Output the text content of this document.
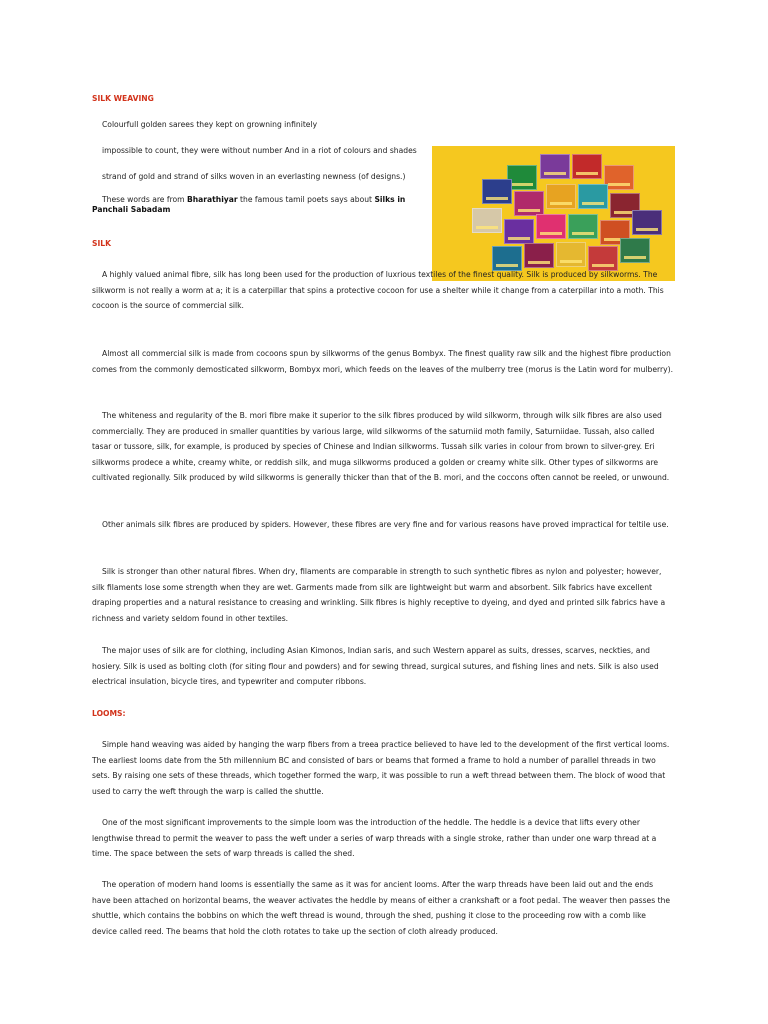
SILK WEAVING
Colourfull golden sarees they kept on growning infinitely
impossible to count, they were without number And in a riot of colours and shades
strand of gold and strand of silks woven in an everlasting newness (of designs.)
These words are from Bharathiyar the famous tamil poets says about Silks in Panchali Sabadam
SILK
A highly valued animal fibre, silk has long been used for the production of luxrious textiles of the finest quality. Silk is produced by silkworms. The silkworm is not really a worm at a; it is a caterpillar that spins a protective cocoon for use a shelter while it change from a caterpillar into a moth. This cocoon is the source of commercial silk.
Almost all commercial silk is made from cocoons spun by silkworms of the genus Bombyx. The finest quality raw silk and the highest fibre production comes from the commonly demosticated silkworm, Bombyx mori, which feeds on the leaves of the mulberry tree (morus is the Latin word for mulberry).
The whiteness and regularity of the B. mori fibre make it superior to the silk fibres produced by wild silkworm, through wilk silk fibres are also used commercially. They are produced in smaller quantities by various large, wild silkworms of the saturniid moth family, Saturniidae. Tussah, also called tasar or tussore, silk, for example, is produced by species of Chinese and Indian silkworms. Tussah silk varies in colour from brown to silver-grey. Eri silkworms prodece a white, creamy white, or reddish silk, and muga silkworms produced a golden or creamy white silk. Other types of silkworms are cultivated regionally. Silk produced by wild silkworms is generally thicker than that of the B. mori, and the coccons often cannot be reeled, or unwound.
Other animals silk fibres are produced by spiders. However, these fibres are very fine and for various reasons have proved impractical for teltile use.
Silk is stronger than other natural fibres. When dry, filaments are comparable in strength to such synthetic fibres as nylon and polyester; however, silk filaments lose some strength when they are wet. Garments made from silk are lightweight but warm and absorbent. Silk fabrics have excellent draping properties and a natural resistance to creasing and wrinkling. Silk fibres is highly receptive to dyeing, and dyed and printed silk fabrics have a richness and variety seldom found in other textiles.
The major uses of silk are for clothing, including Asian Kimonos, Indian saris, and such Western apparel as suits, dresses, scarves, neckties, and hosiery. Silk is used as bolting cloth (for siting flour and powders) and for sewing thread, surgical sutures, and fishing lines and nets. Silk is also used electrical insulation, bicycle tires, and typewriter and computer ribbons.
LOOMS:
Simple hand weaving was aided by hanging the warp fibers from a treea practice believed to have led to the development of the first vertical looms. The earliest looms date from the 5th millennium BC and consisted of bars or beams that formed a frame to hold a number of parallel threads in two sets. By raising one sets of these threads, which together formed the warp, it was possible to run a weft thread between them. The block of wood that used to carry the weft through the warp is called the shuttle.
One of the most significant improvements to the simple loom was the introduction of the heddle. The heddle is a device that lifts every other lengthwise thread to permit the weaver to pass the weft under a series of warp threads with a single stroke, rather than under one warp thread at a time. The space between the sets of warp threads is called the shed.
The operation of modern hand looms is essentially the same as it was for ancient looms. After the warp threads have been laid out and the ends have been attached on horizontal beams, the weaver activates the heddle by means of either a crankshaft or a foot pedal. The weaver then passes the shuttle, which contains the bobbins on which the weft thread is wound, through the shed, pushing it close to the proceeding row with a comb like device called reed. The beams that hold the cloth rotates to take up the section of cloth already produced.
